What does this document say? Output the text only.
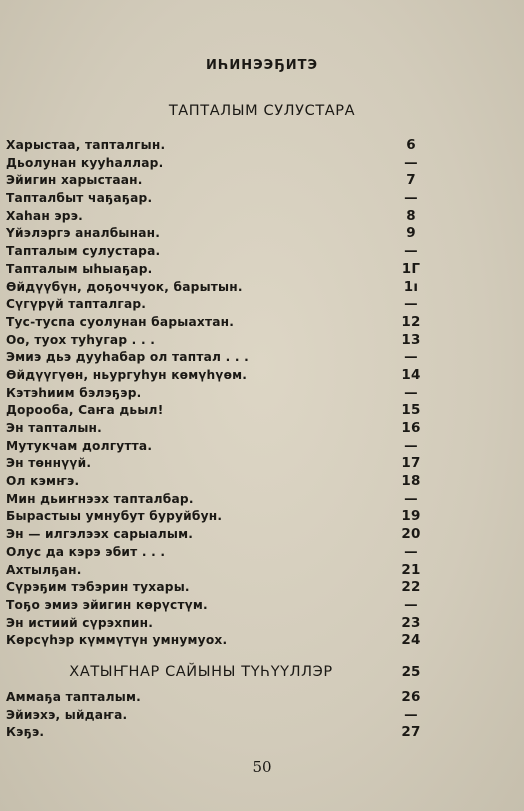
ИҺИНЭЭҔИТЭ
ТАПТАЛЫМ СУЛУСТАРА
Харыстаа, тапталгын.	6
Дьолунан кууһаллар.	—
Эйигин харыстаан.	7
Тапталбыт чаҕаҕар.	—
Хаһан эрэ.	8
Үйэлэргэ аналбынан.	9
Тапталым сулустара.	—
Тапталым ыһыаҕар.	1Г
Өйдүүбүн, доҕоччуок, барытын.	1ı
Сүгүрүй тапталгар.	—
Тус-туспа суолунан барыахтан.	12
Оо, туох туһугар . . .	13
Эмиэ дьэ дууһабар ол таптал . . .	—
Өйдүүгүөн, ньургуһун көмүһүөм.	14
Кэтэһиим бэлэҕэр.	—
Дорооба, Саҥа дьыл!	15
Эн тапталын.	16
Мутукчам долгутта.	—
Эн төннүүй.	17
Ол кэмҥэ.	18
Мин дьиҥнээх тапталбар.	—
Бырастыы умнубут буруйбун.	19
Эн — илгэлээх сарыалым.	20
Олус да кэрэ эбит . . .	—
Ахтылҕан.	21
Сүрэҕим тэбэрин тухары.	22
Тоҕо эмиэ эйигин көрүстүм.	—
Эн истиий сүрэхпин.	23
Көрсүһэр күммүтүн умнумуох.	24
ХАТЫҤНАР САЙЫНЫ ТҮҺҮҮЛЛЭР	25
Аммаҕа тапталым.	26
Эйиэхэ, ыйдаҥа.	—
Кэҕэ.	27
50
